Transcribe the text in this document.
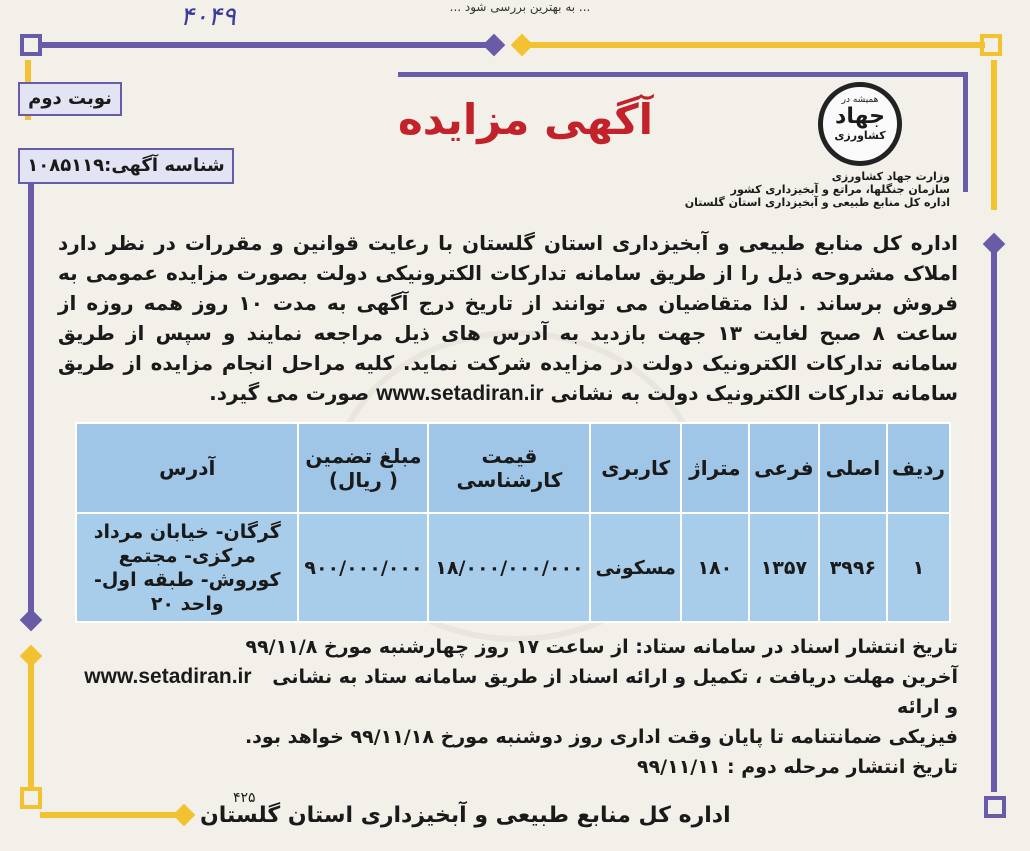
... به بهترین بررسی شود ...
۴۰۴۹
نوبت دوم
شناسه آگهی:۱۰۸۵۱۱۹
آگهی مزایده	همیشه در
جهاد
کشاورزی
وزارت جهاد کشاورزی
سازمان جنگلها، مراتع و آبخیزداری کشور
اداره کل منابع طبیعی و آبخیزداری استان گلستان
اداره کل منابع طبیعی و آبخیزداری استان گلستان با رعایت قوانین و مقررات در نظر دارد املاک مشروحه ذیل را از طریق سامانه تدارکات الکترونیکی دولت بصورت مزایده عمومی به فروش برساند . لذا متقاضیان می توانند از تاریخ درج آگهی به مدت ۱۰ روز همه روزه از ساعت ۸ صبح لغایت ۱۳ جهت بازدید به آدرس های ذیل مراجعه نمایند و سپس از طریق سامانه تدارکات الکترونیک دولت در مزایده شرکت نماید. کلیه مراحل انجام مزایده از طریق سامانه تدارکات الکترونیک دولت به نشانی www.setadiran.ir صورت می گیرد.
ردیف	اصلی	فرعی	متراژ	کاربری	قیمت کارشناسی	مبلغ تضمین ( ریال)	آدرس
۱	۳۹۹۶	۱۳۵۷	۱۸۰	مسکونی	۱۸/۰۰۰/۰۰۰/۰۰۰	۹۰۰/۰۰۰/۰۰۰	گرگان- خیابان مرداد مرکزی- مجتمع کوروش- طبقه اول- واحد ۲۰
تاریخ انتشار اسناد در سامانه ستاد: از ساعت ۱۷ روز چهارشنبه مورخ ۹۹/۱۱/۸
آخرین مهلت دریافت ، تکمیل و ارائه اسناد از طریق سامانه ستاد به نشانی www.setadiran.ir و ارائه
فیزیکی ضمانتنامه تا پایان وقت اداری روز دوشنبه مورخ ۹۹/۱۱/۱۸ خواهد بود.
تاریخ انتشار مرحله دوم : ۹۹/۱۱/۱۱
۴۲۵
اداره کل منابع طبیعی و آبخیزداری استان گلستان
